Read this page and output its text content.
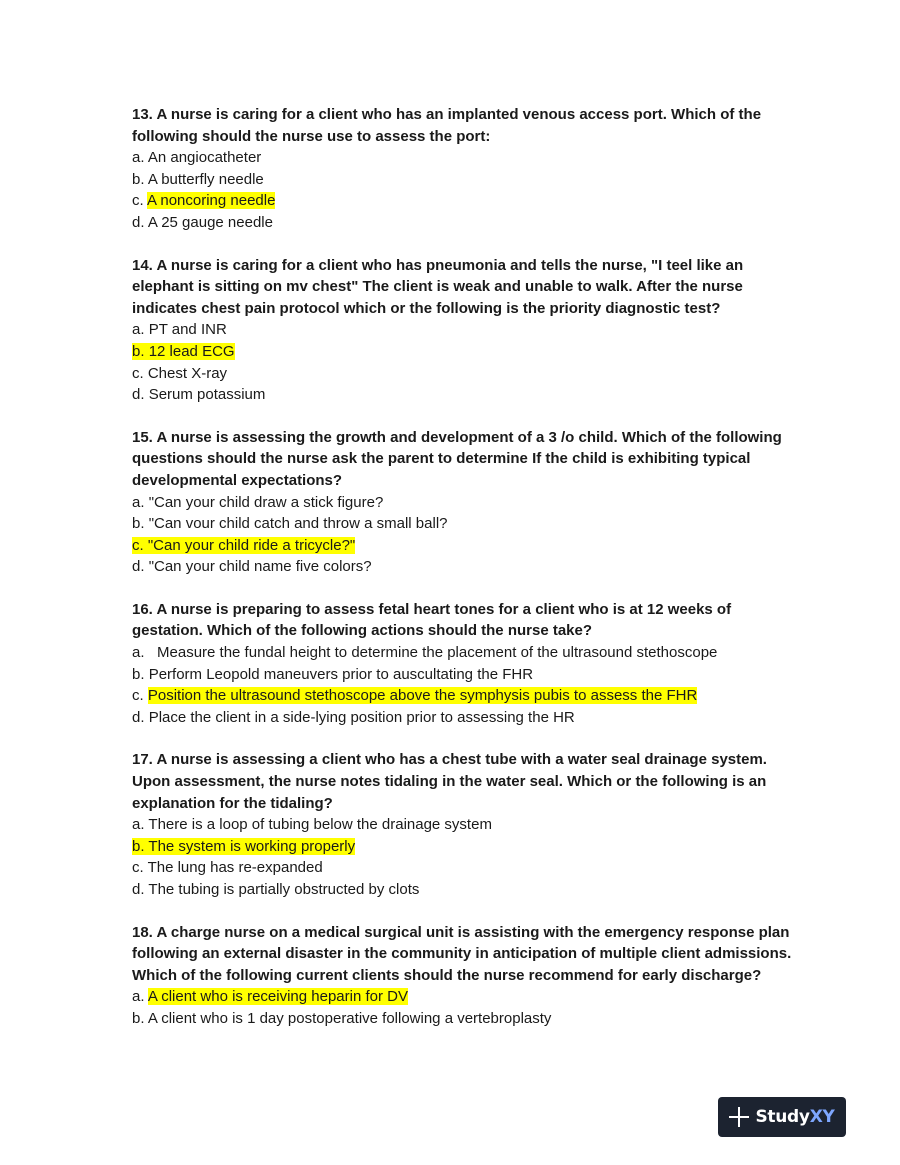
13. A nurse is caring for a client who has an implanted venous access port. Which of the following should the nurse use to assess the port:

a. An angiocatheter

b. A butterfly needle

c. A noncoring needle

d. A 25 gauge needle

14. A nurse is caring for a client who has pneumonia and tells the nurse, "I teel like an elephant is sitting on mv chest" The client is weak and unable to walk. After the nurse indicates chest pain protocol which or the following is the priority diagnostic test?

a. PT and INR

b. 12 lead ECG

c. Chest X-ray

d. Serum potassium

15. A nurse is assessing the growth and development of a 3 /o child. Which of the following questions should the nurse ask the parent to determine If the child is exhibiting typical developmental expectations?

a. "Can your child draw a stick figure?

b. "Can vour child catch and throw a small ball?

c. "Can your child ride a tricycle?"

d. "Can your child name five colors?

16. A nurse is preparing to assess fetal heart tones for a client who is at 12 weeks of gestation. Which of the following actions should the nurse take?

a.   Measure the fundal height to determine the placement of the ultrasound stethoscope

b. Perform Leopold maneuvers prior to auscultating the FHR

c. Position the ultrasound stethoscope above the symphysis pubis to assess the FHR

d. Place the client in a side-lying position prior to assessing the HR

17. A nurse is assessing a client who has a chest tube with a water seal drainage system. Upon assessment, the nurse notes tidaling in the water seal. Which or the following is an explanation for the tidaling?

a. There is a loop of tubing below the drainage system

b. The system is working properly

c. The lung has re-expanded

d. The tubing is partially obstructed by clots

18. A charge nurse on a medical surgical unit is assisting with the emergency response plan following an external disaster in the community in anticipation of multiple client admissions. Which of the following current clients should the nurse recommend for early discharge?

a. A client who is receiving heparin for DV

b. A client who is 1 day postoperative following a vertebroplasty

StudyXY
